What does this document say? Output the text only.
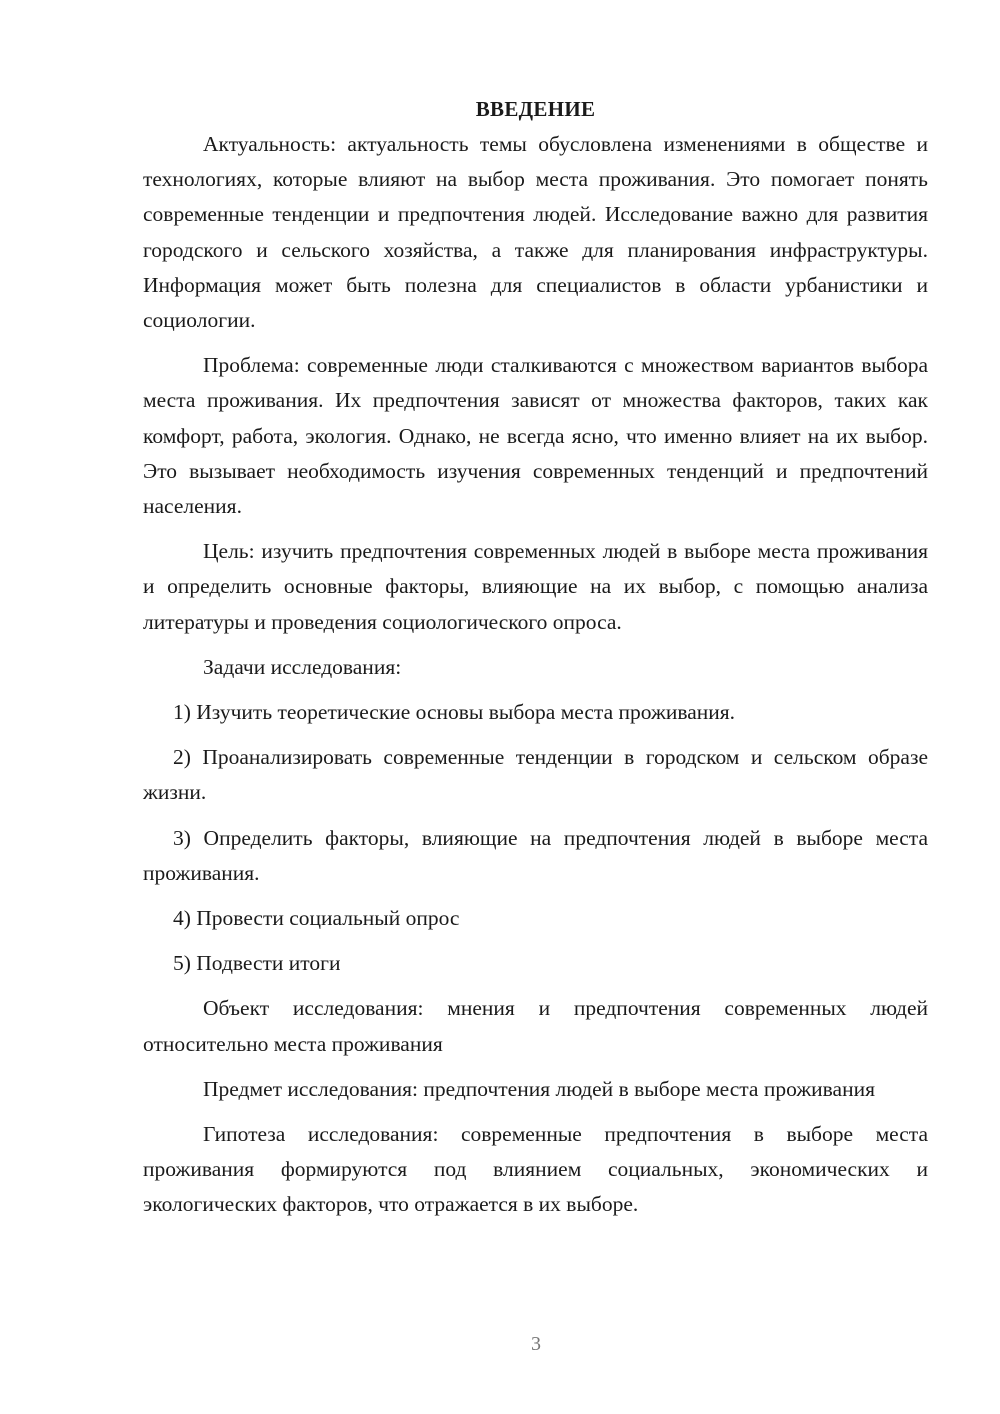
ВВЕДЕНИЕ

Актуальность: актуальность темы обусловлена изменениями в обществе и технологиях, которые влияют на выбор места проживания. Это помогает понять современные тенденции и предпочтения людей. Исследование важно для развития городского и сельского хозяйства, а также для планирования инфраструктуры. Информация может быть полезна для специалистов в области урбанистики и социологии.

Проблема: современные люди сталкиваются с множеством вариантов выбора места проживания. Их предпочтения зависят от множества факторов, таких как комфорт, работа, экология. Однако, не всегда ясно, что именно влияет на их выбор. Это вызывает необходимость изучения современных тенденций и предпочтений населения.

Цель: изучить предпочтения современных людей в выборе места проживания и определить основные факторы, влияющие на их выбор, с помощью анализа литературы и проведения социологического опроса.

Задачи исследования:

1) Изучить теоретические основы выбора места проживания.

2) Проанализировать современные тенденции в городском и сельском образе жизни.

3) Определить факторы, влияющие на предпочтения людей в выборе места проживания.

4) Провести социальный опрос

5) Подвести итоги

Объект исследования: мнения и предпочтения современных людей относительно места проживания

Предмет исследования: предпочтения людей в выборе места проживания

Гипотеза исследования: современные предпочтения в выборе места проживания формируются под влиянием социальных, экономических и экологических факторов, что отражается в их выборе.

3
